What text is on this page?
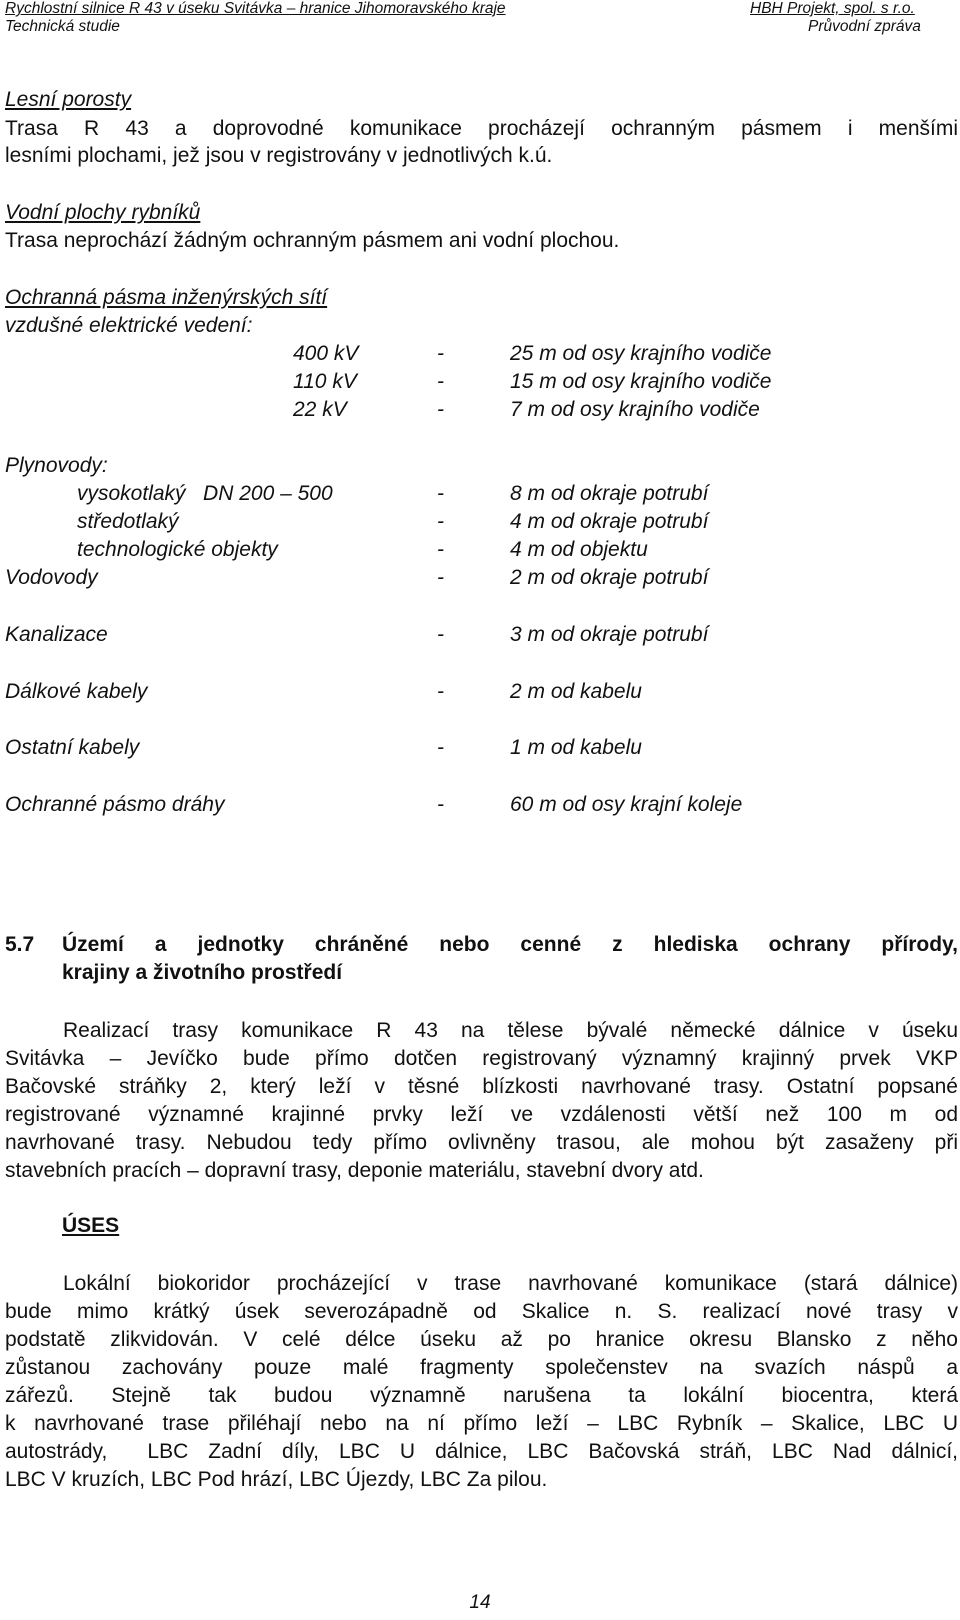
Rychlostní silnice R 43 v úseku Svitávka – hranice Jihomoravského kraje
Technická studie
HBH Projekt, spol. s r.o.
Průvodní zpráva
Lesní porosty
Trasa R 43 a doprovodné komunikace procházejí ochranným pásmem i menšími
lesními plochami, jež jsou v registrovány v jednotlivých k.ú.
Vodní plochy rybníků
Trasa neprochází žádným ochranným pásmem ani vodní plochou.
Ochranná pásma inženýrských sítí
vzdušné elektrické vedení:
400 kV	-	25 m od osy krajního vodiče
110 kV	-	15 m od osy krajního vodiče
22 kV	-	7 m od osy krajního vodiče
Plynovody:
vysokotlaký   DN 200 – 500	-	8 m od okraje potrubí
středotlaký	-	4 m od okraje potrubí
technologické objekty	-	4 m od objektu
Vodovody	-	2 m od okraje potrubí
Kanalizace	-	3 m od okraje potrubí
Dálkové kabely	-	2 m od kabelu
Ostatní kabely	-	1 m od kabelu
Ochranné pásmo dráhy	-	60 m od osy krajní koleje
5.7 Území a jednotky chráněné nebo cenné z hlediska ochrany přírody,
krajiny a životního prostředí
Realizací trasy komunikace R 43 na tělese bývalé německé dálnice v úseku
Svitávka – Jevíčko bude přímo dotčen registrovaný významný krajinný prvek VKP
Bačovské stráňky 2, který leží v těsné blízkosti navrhované trasy. Ostatní popsané
registrované významné krajinné prvky leží ve vzdálenosti větší než 100 m od
navrhované trasy. Nebudou tedy přímo ovlivněny trasou, ale mohou být zasaženy při
stavebních pracích – dopravní trasy, deponie materiálu, stavební dvory atd.
ÚSES
Lokální biokoridor procházející v trase navrhované komunikace (stará dálnice)
bude mimo krátký úsek severozápadně od Skalice n. S. realizací nové trasy v
podstatě zlikvidován. V celé délce úseku až po hranice okresu Blansko z něho
zůstanou zachovány pouze malé fragmenty společenstev na svazích náspů a
zářezů. Stejně tak budou významně narušena ta lokální biocentra, která
k navrhované trase přiléhají nebo na ní přímo leží – LBC Rybník – Skalice, LBC U
autostrády,  LBC Zadní díly, LBC U dálnice, LBC Bačovská stráň, LBC Nad dálnicí,
LBC V kruzích, LBC Pod hrází, LBC Újezdy, LBC Za pilou.
14
